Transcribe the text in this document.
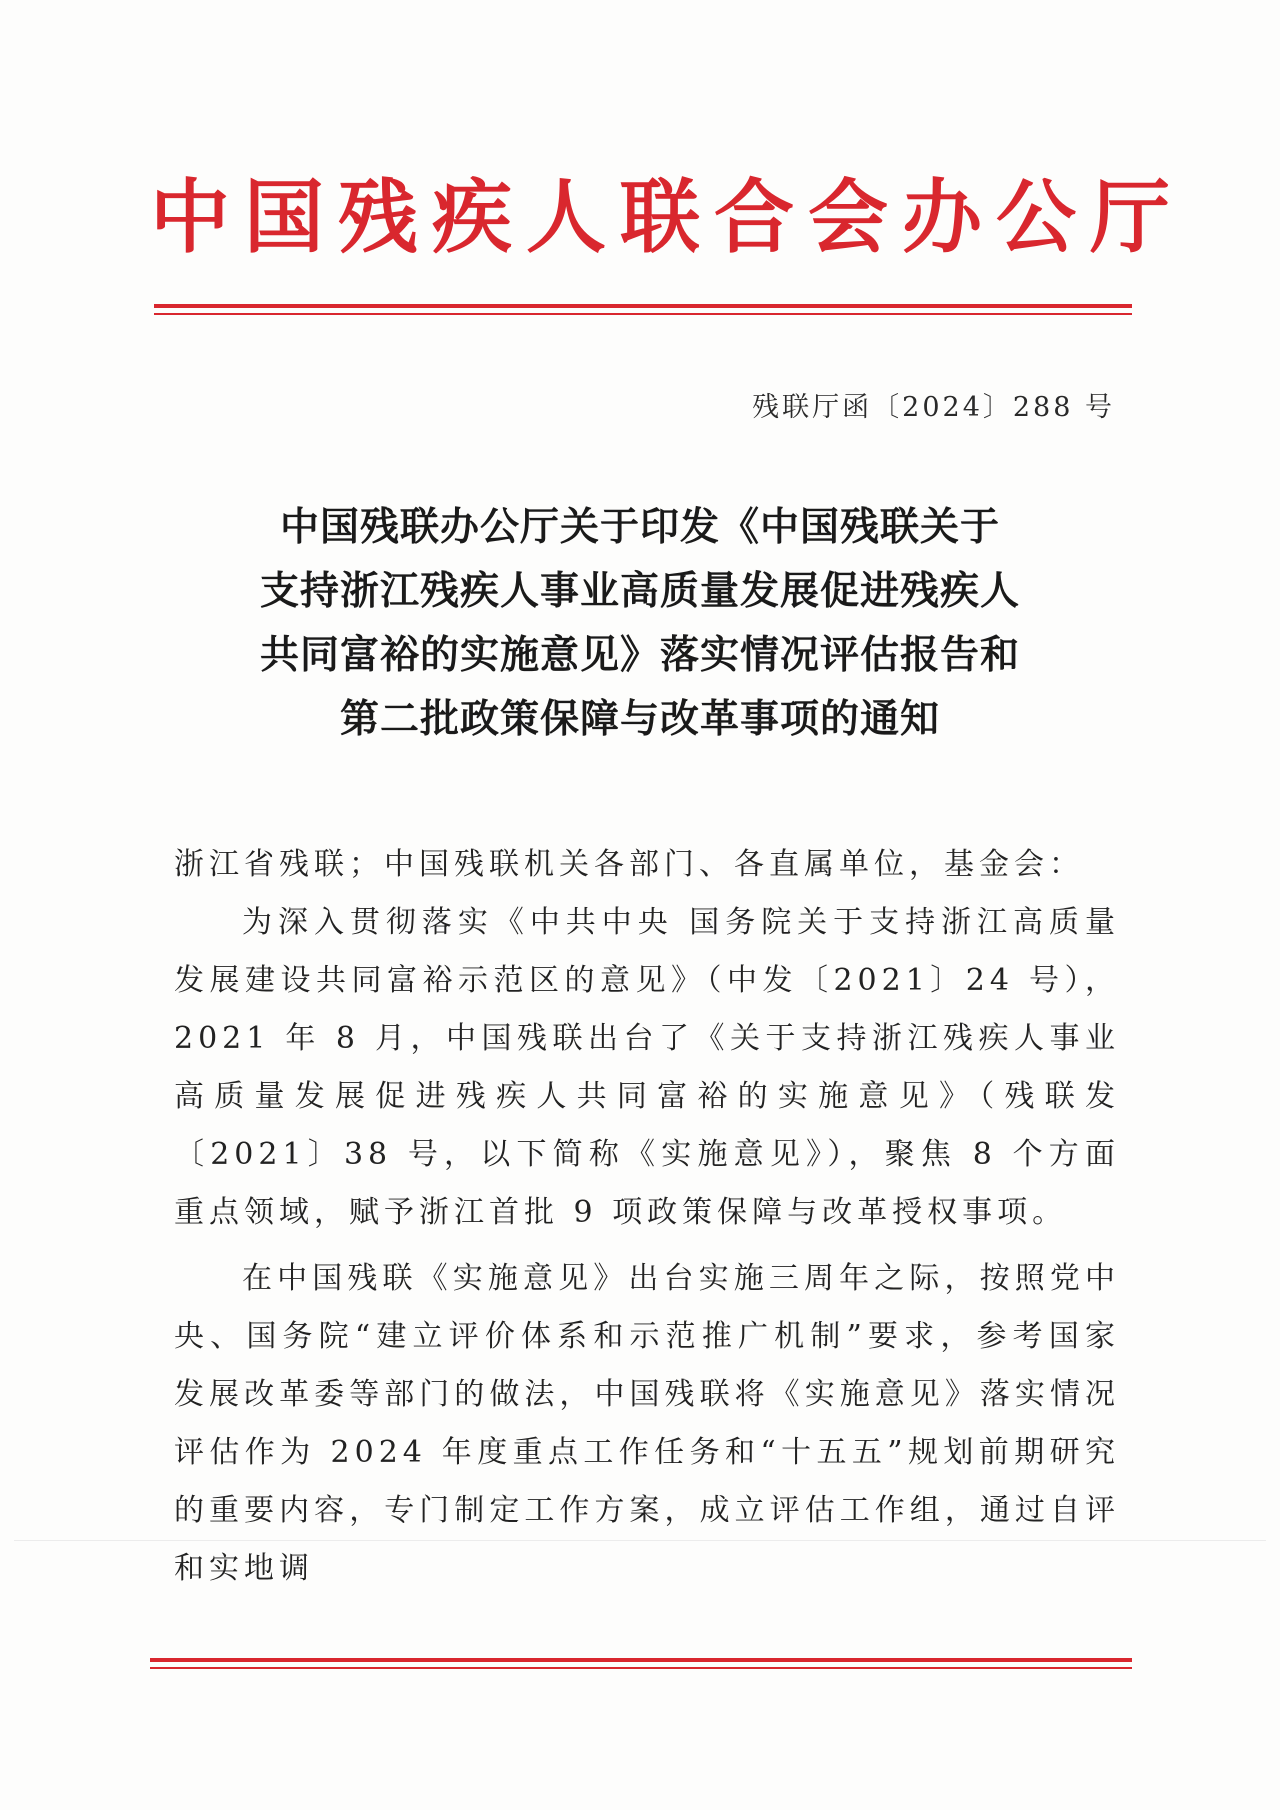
中国残疾人联合会办公厅
残联厅函〔2024〕288 号
中国残联办公厅关于印发《中国残联关于
支持浙江残疾人事业高质量发展促进残疾人
共同富裕的实施意见》落实情况评估报告和
第二批政策保障与改革事项的通知

浙江省残联；中国残联机关各部门、各直属单位，基金会：

为深入贯彻落实《中共中央 国务院关于支持浙江高质量发展建设共同富裕示范区的意见》（中发〔2021〕24 号），2021 年 8 月，中国残联出台了《关于支持浙江残疾人事业高质量发展促进残疾人共同富裕的实施意见》（残联发〔2021〕38 号，以下简称《实施意见》），聚焦 8 个方面重点领域，赋予浙江首批 9 项政策保障与改革授权事项。

在中国残联《实施意见》出台实施三周年之际，按照党中央、国务院“建立评价体系和示范推广机制”要求，参考国家发展改革委等部门的做法，中国残联将《实施意见》落实情况评估作为 2024 年度重点工作任务和“十五五”规划前期研究的重要内容，专门制定工作方案，成立评估工作组，通过自评和实地调
